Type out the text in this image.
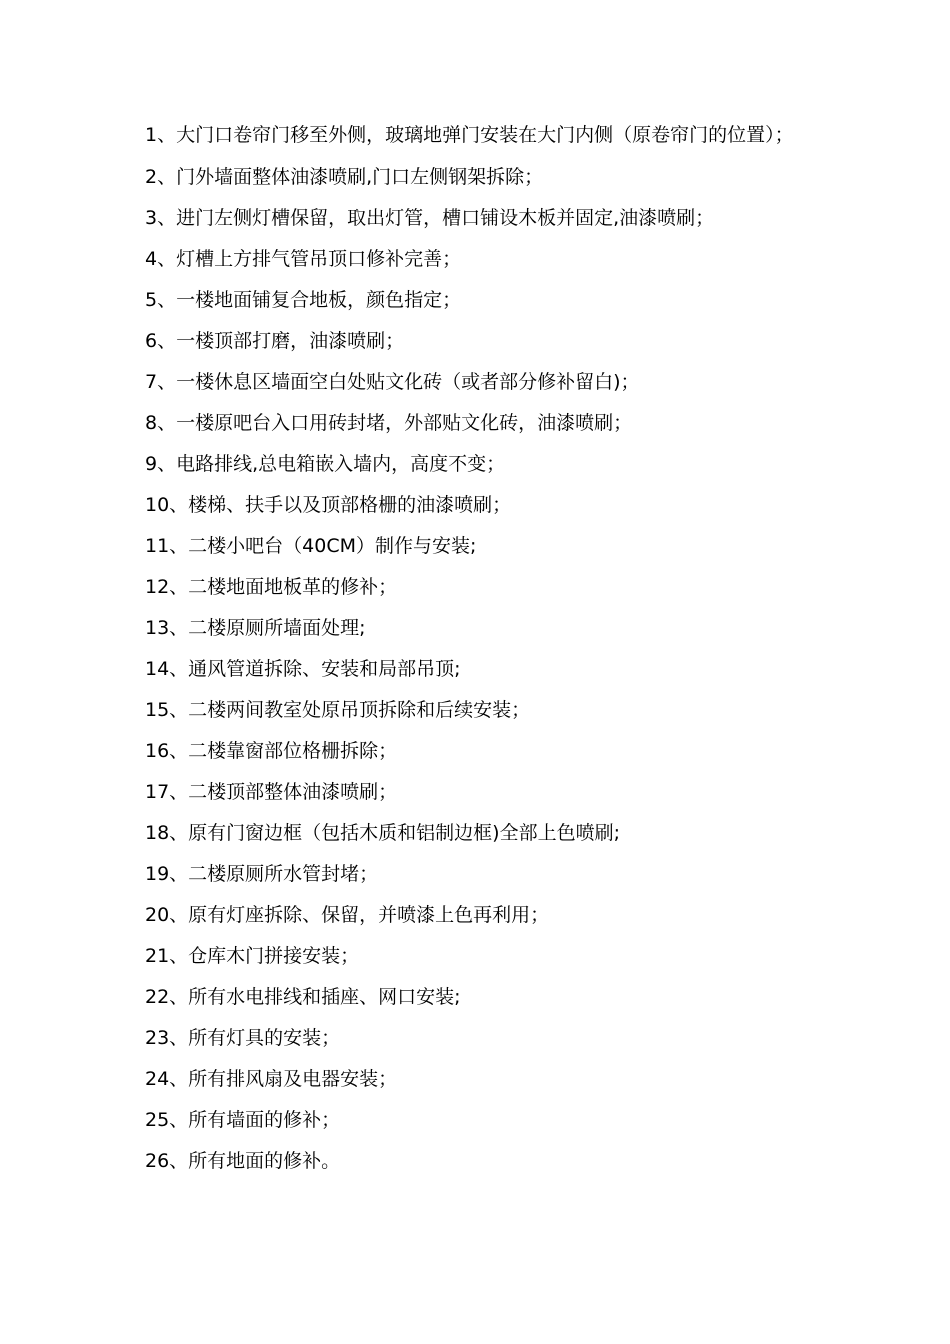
1、大门口卷帘门移至外侧，玻璃地弹门安装在大门内侧（原卷帘门的位置）；
2、门外墙面整体油漆喷刷,门口左侧钢架拆除；
3、进门左侧灯槽保留，取出灯管，槽口铺设木板并固定,油漆喷刷；
4、灯槽上方排气管吊顶口修补完善；
5、一楼地面铺复合地板，颜色指定；
6、一楼顶部打磨，油漆喷刷；
7、一楼休息区墙面空白处贴文化砖（或者部分修补留白)；
8、一楼原吧台入口用砖封堵，外部贴文化砖，油漆喷刷；
9、电路排线,总电箱嵌入墙内，高度不变；
10、楼梯、扶手以及顶部格栅的油漆喷刷；
11、二楼小吧台（40CM）制作与安装;
12、二楼地面地板革的修补；
13、二楼原厕所墙面处理;
14、通风管道拆除、安装和局部吊顶;
15、二楼两间教室处原吊顶拆除和后续安装；
16、二楼靠窗部位格栅拆除；
17、二楼顶部整体油漆喷刷；
18、原有门窗边框（包括木质和铝制边框)全部上色喷刷;
19、二楼原厕所水管封堵；
20、原有灯座拆除、保留，并喷漆上色再利用；
21、仓库木门拼接安装；
22、所有水电排线和插座、网口安装;
23、所有灯具的安装；
24、所有排风扇及电器安装；
25、所有墙面的修补；
26、所有地面的修补。
